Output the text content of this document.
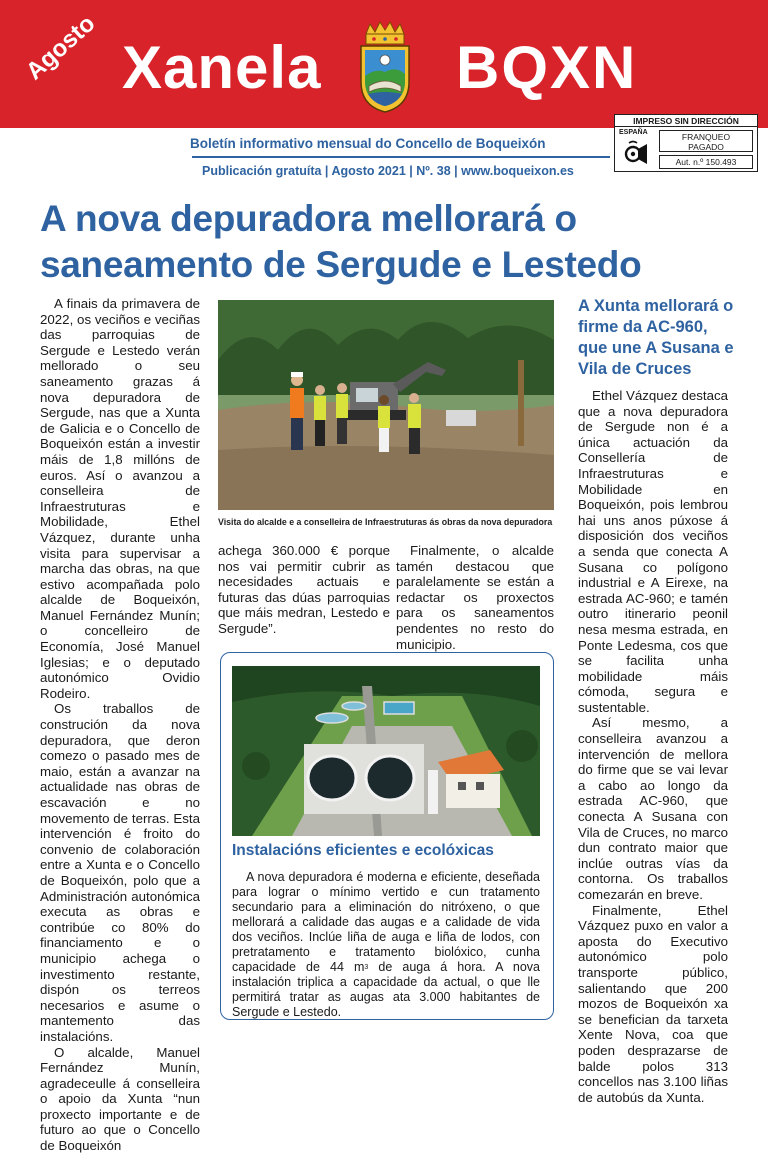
Agosto Xanela BQXN
IMPRESO SIN DIRECCIÓN
ESPAÑA	FRANQUEO
PAGADO
Aut. n.º 150.493
Boletín informativo mensual do Concello de Boqueixón
Publicación gratuíta | Agosto 2021 | Nº. 38 | www.boqueixon.es
A nova depuradora mellorará o saneamento de Sergude e Lestedo

A finais da primavera de 2022, os veciños e veciñas das parroquias de Sergude e Lestedo verán mellorado o seu saneamento grazas á nova depuradora de Sergude, nas que a Xunta de Galicia e o Concello de Boqueixón están a investir máis de 1,8 millóns de euros. Así o avanzou a conselleira de Infraestruturas e Mobilidade, Ethel Vázquez, durante unha visita para supervisar a marcha das obras, na que estivo acompañada polo alcalde de Boqueixón, Manuel Fernández Munín; o concelleiro de Economía, José Manuel Iglesias; e o deputado autonómico Ovidio Rodeiro.

Os traballos de construción da nova depuradora, que deron comezo o pasado mes de maio, están a avanzar na actualidade nas obras de escavación e no movemento de terras. Esta intervención é froito do convenio de colaboración entre a Xunta e o Concello de Boqueixón, polo que a Administración autonómica executa as obras e contribúe co 80% do financiamento e o municipio achega o investimento restante, dispón os terreos necesarios e asume o mantemento das instalacións.

O alcalde, Manuel Fernández Munín, agradeceulle á conselleira o apoio da Xunta “nun proxecto importante e de futuro ao que o Concello de Boqueixón

Visita do alcalde e a conselleira de Infraestruturas ás obras da nova depuradora

achega 360.000 € porque nos vai permitir cubrir as necesidades actuais e futuras das dúas parroquias que máis medran, Lestedo e Sergude”.

Finalmente, o alcalde tamén destacou que paralelamente se están a redactar os proxectos para os saneamentos pendentes no resto do municipio.

A Xunta mellorará o firme da AC-960, que une A Susana e Vila de Cruces

Ethel Vázquez destaca que a nova depuradora de Sergude non é a única actuación da Consellería de Infraestruturas e Mobilidade en Boqueixón, pois lembrou hai uns anos púxose á disposición dos veciños a senda que conecta A Susana co polígono industrial e A Eirexe, na estrada AC-960; e tamén outro itinerario peonil nesa mesma estrada, en Ponte Ledesma, cos que se facilita unha mobilidade máis cómoda, segura e sustentable.

Así mesmo, a conselleira avanzou a intervención de mellora do firme que se vai levar a cabo ao longo da estrada AC-960, que conecta A Susana con Vila de Cruces, no marco dun contrato maior que inclúe outras vías da contorna. Os traballos comezarán en breve.

Finalmente, Ethel Vázquez puxo en valor a aposta do Executivo autonómico polo transporte público, salientando que 200 mozos de Boqueixón xa se benefician da tarxeta Xente Nova, coa que poden desprazarse de balde polos 313 concellos nas 3.100 liñas de autobús da Xunta.

Instalacións eficientes e ecolóxicas

A nova depuradora é moderna e eficiente, deseñada para lograr o mínimo vertido e cun tratamento secundario para a eliminación do nitróxeno, o que mellorará a calidade das augas e a calidade de vida dos veciños. Inclúe liña de auga e liña de lodos, con pretratamento e tratamento biolóxico, cunha capacidade de 44 $m^3$ de auga á hora. A nova instalación triplica a capacidade da actual, o que lle permitirá tratar as augas ata 3.000 habitantes de Sergude e Lestedo.
